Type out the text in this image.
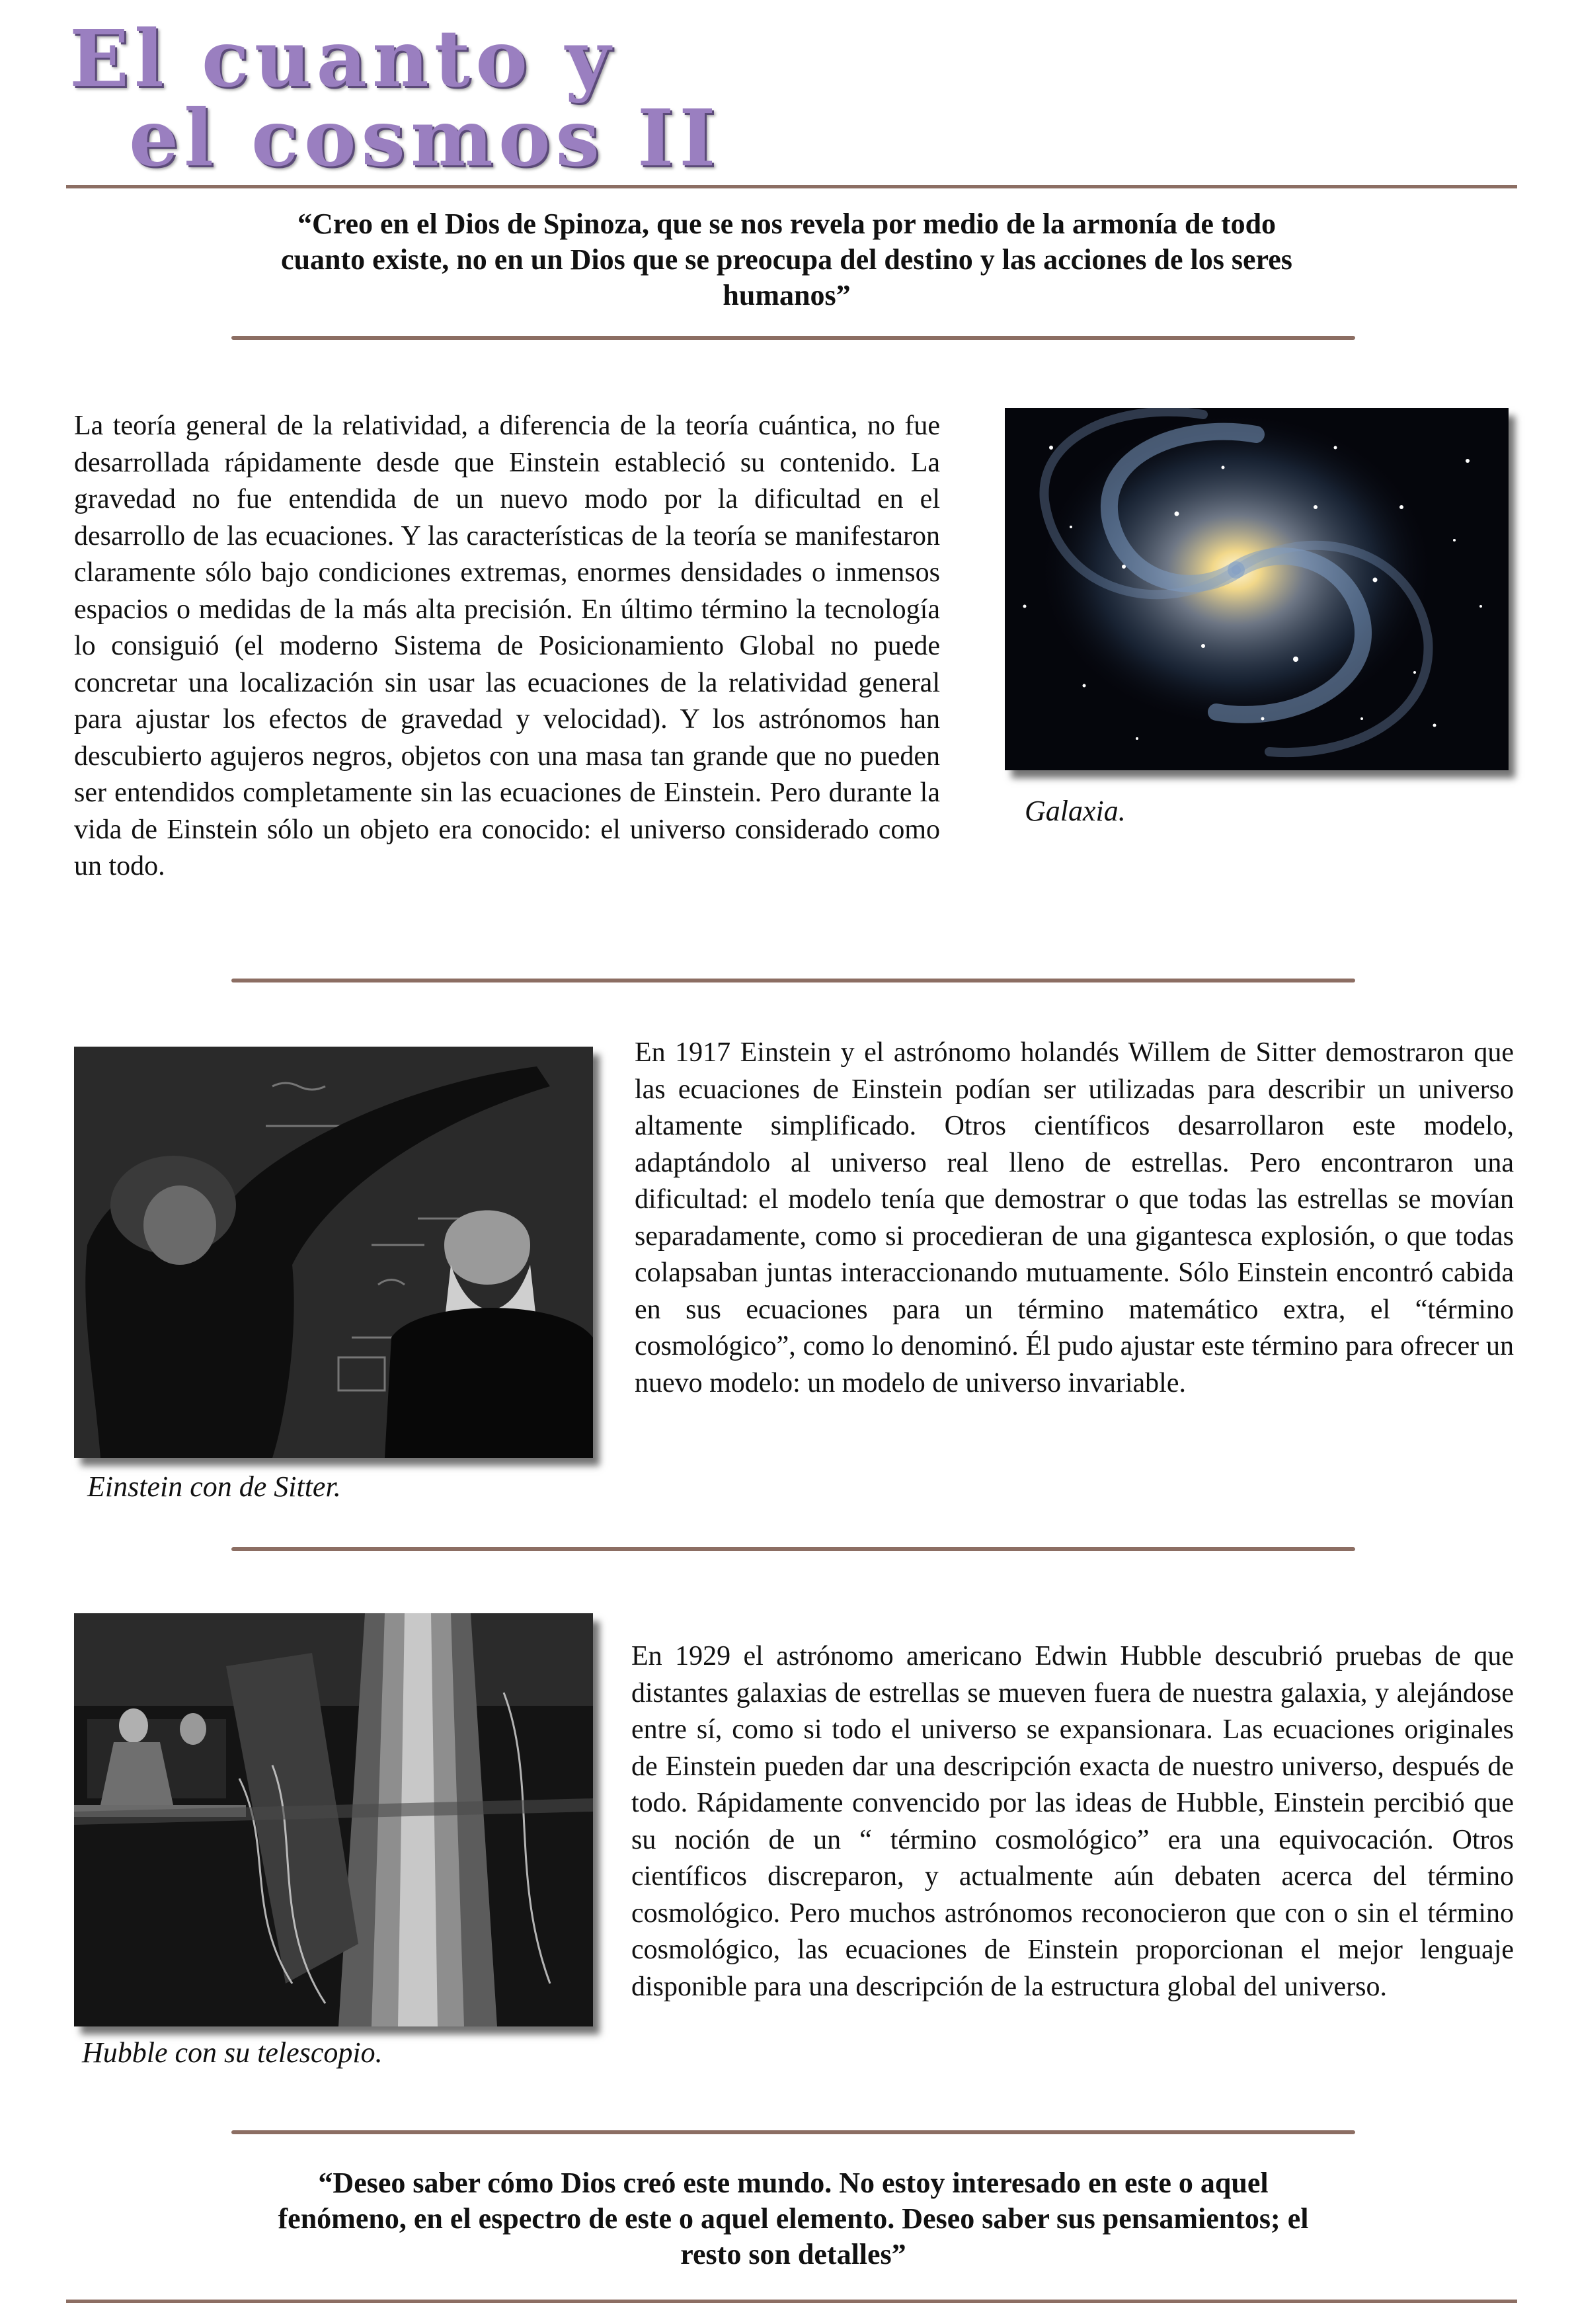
El cuanto y
el cosmos II
“Creo en el Dios de Spinoza, que se nos revela por medio de la armonía de todo cuanto existe, no en un Dios que se preocupa del destino y las acciones de los seres humanos”
La teoría general de la relatividad, a diferencia de la teoría cuántica, no fue desarrollada rápidamente desde que Einstein estableció su contenido. La gravedad no fue entendida de un nuevo modo por la dificultad en el desarrollo de las ecuaciones. Y las características de la teoría se manifestaron claramente sólo bajo condiciones extremas, enormes densidades o inmensos espacios o medidas de la más alta precisión. En último término la tecnología lo consiguió (el moderno Sistema de Posicionamiento Global no puede concretar una localización sin usar las ecuaciones de la relatividad general para ajustar los efectos de gravedad y velocidad). Y los astrónomos han descubierto agujeros negros, objetos con una masa tan grande que no pueden ser entendidos completamente sin las ecuaciones de Einstein. Pero durante la vida de Einstein sólo un objeto era conocido: el universo considerado como un todo.
Galaxia.
Einstein con de Sitter.
En 1917 Einstein y el astrónomo holandés Willem de Sitter demostraron que las ecuaciones de Einstein podían ser utilizadas para describir un universo altamente simplificado. Otros científicos desarrollaron este modelo, adaptándolo al universo real lleno de estrellas. Pero encontraron una dificultad: el modelo tenía que demostrar o que todas las estrellas se movían separadamente, como si procedieran de una gigantesca explosión, o que todas colapsaban juntas interaccionando mutuamente. Sólo Einstein encontró cabida en sus ecuaciones para un término matemático extra, el “término cosmológico”, como lo denominó. Él pudo ajustar este término para ofrecer un nuevo modelo: un modelo de universo invariable.
Hubble con su telescopio.
En 1929 el astrónomo americano Edwin Hubble descubrió pruebas de que distantes galaxias de estrellas se mueven fuera de nuestra galaxia, y alejándose entre sí, como si todo el universo se expansionara. Las ecuaciones originales de Einstein pueden dar una descripción exacta de nuestro universo, después de todo. Rápidamente convencido por las ideas de Hubble, Einstein percibió que su noción de un “ término cosmológico” era una equivocación. Otros científicos discreparon, y actualmente aún debaten acerca del término cosmológico. Pero muchos astrónomos reconocieron que con o sin el término cosmológico, las ecuaciones de Einstein proporcionan el mejor lenguaje disponible para una descripción de la estructura global del universo.
“Deseo saber cómo Dios creó este mundo. No estoy interesado en este o aquel fenómeno, en el espectro de este o aquel elemento. Deseo saber sus pensamientos; el resto son detalles”
